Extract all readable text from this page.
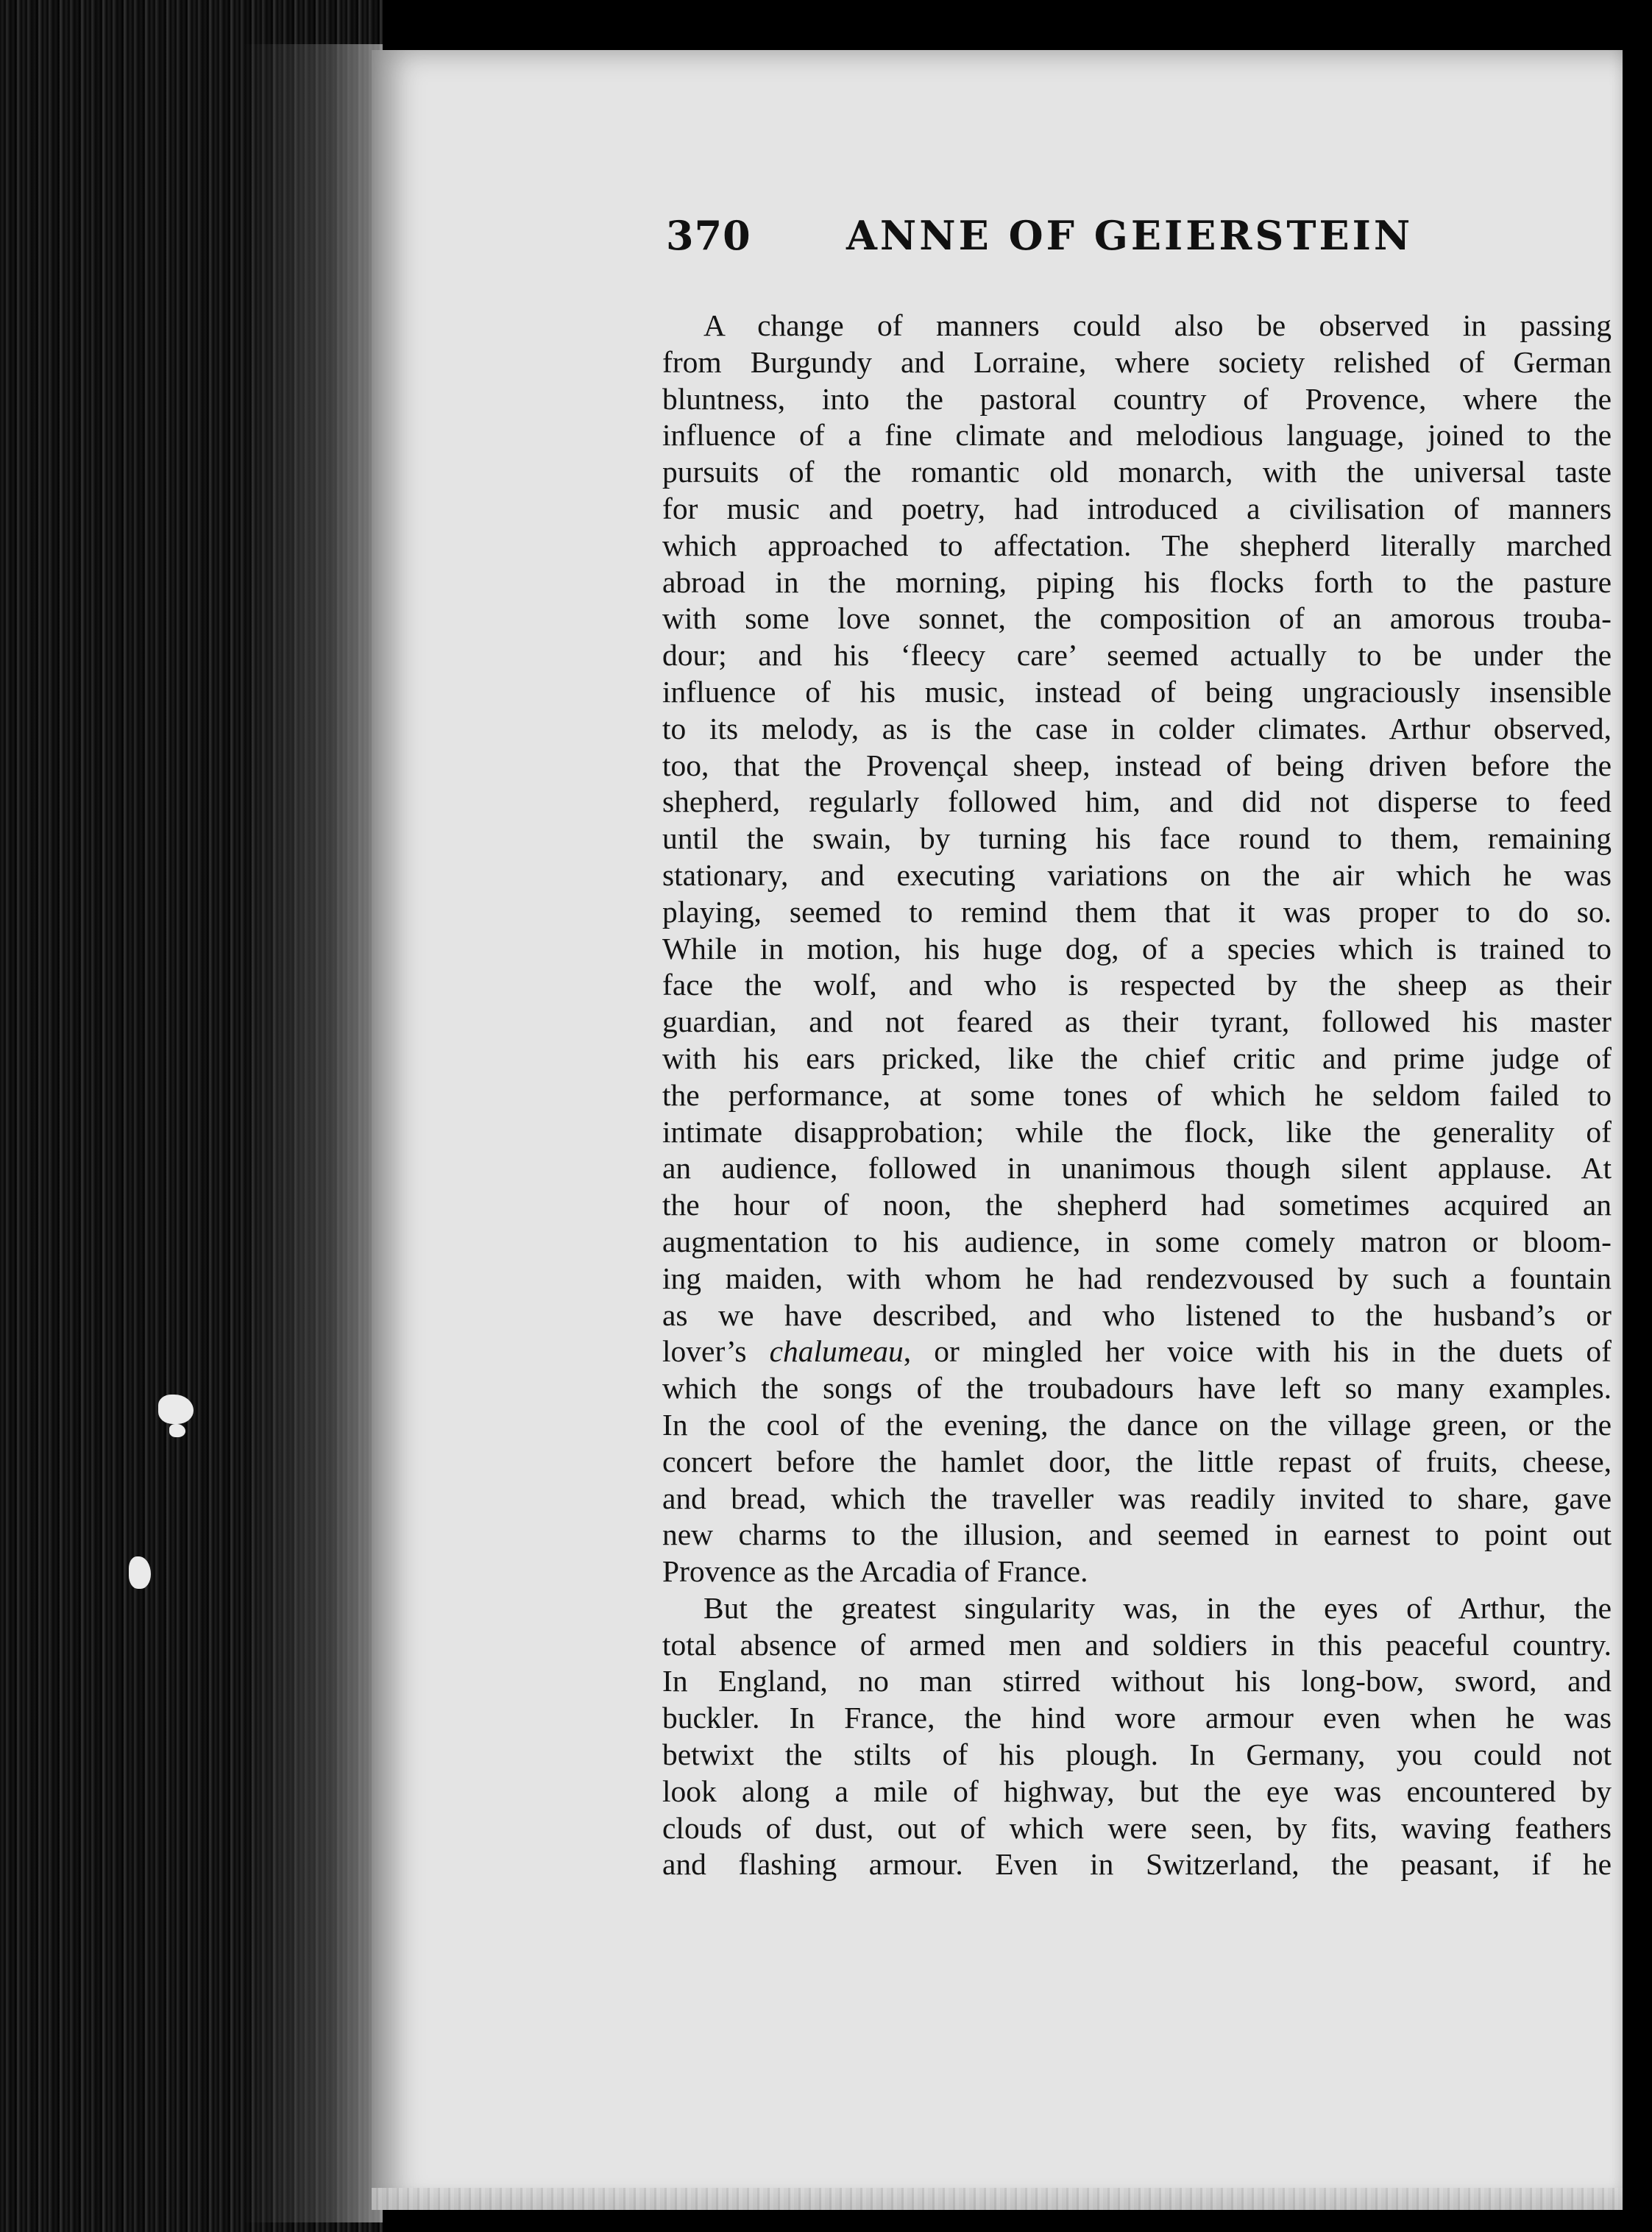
370 ANNE OF GEIERSTEIN
A change of manners could also be observed in passing
from Burgundy and Lorraine, where society relished of German
bluntness, into the pastoral country of Provence, where the
influence of a fine climate and melodious language, joined to the
pursuits of the romantic old monarch, with the universal taste
for music and poetry, had introduced a civilisation of manners
which approached to affectation. The shepherd literally marched
abroad in the morning, piping his flocks forth to the pasture
with some love sonnet, the composition of an amorous trouba-
dour; and his ‘fleecy care’ seemed actually to be under the
influence of his music, instead of being ungraciously insensible
to its melody, as is the case in colder climates. Arthur observed,
too, that the Provençal sheep, instead of being driven before the
shepherd, regularly followed him, and did not disperse to feed
until the swain, by turning his face round to them, remaining
stationary, and executing variations on the air which he was
playing, seemed to remind them that it was proper to do so.
While in motion, his huge dog, of a species which is trained to
face the wolf, and who is respected by the sheep as their
guardian, and not feared as their tyrant, followed his master
with his ears pricked, like the chief critic and prime judge of
the performance, at some tones of which he seldom failed to
intimate disapprobation; while the flock, like the generality of
an audience, followed in unanimous though silent applause. At
the hour of noon, the shepherd had sometimes acquired an
augmentation to his audience, in some comely matron or bloom-
ing maiden, with whom he had rendezvoused by such a fountain
as we have described, and who listened to the husband’s or
lover’s chalumeau, or mingled her voice with his in the duets of
which the songs of the troubadours have left so many examples.
In the cool of the evening, the dance on the village green, or the
concert before the hamlet door, the little repast of fruits, cheese,
and bread, which the traveller was readily invited to share, gave
new charms to the illusion, and seemed in earnest to point out
Provence as the Arcadia of France.
But the greatest singularity was, in the eyes of Arthur, the
total absence of armed men and soldiers in this peaceful country.
In England, no man stirred without his long-bow, sword, and
buckler. In France, the hind wore armour even when he was
betwixt the stilts of his plough. In Germany, you could not
look along a mile of highway, but the eye was encountered by
clouds of dust, out of which were seen, by fits, waving feathers
and flashing armour. Even in Switzerland, the peasant, if he
